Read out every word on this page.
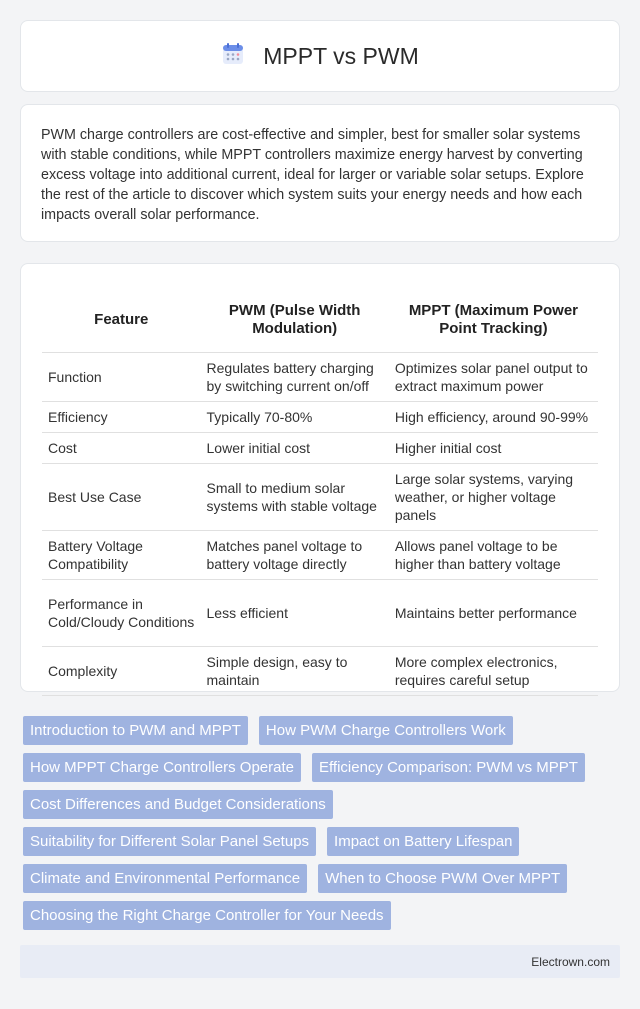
MPPT vs PWM

PWM charge controllers are cost-effective and simpler, best for smaller solar systems with stable conditions, while MPPT controllers maximize energy harvest by converting excess voltage into additional current, ideal for larger or variable solar setups. Explore the rest of the article to discover which system suits your energy needs and how each impacts overall solar performance.

Feature	PWM (Pulse Width Modulation)	MPPT (Maximum Power Point Tracking)
Function	Regulates battery charging by switching current on/off	Optimizes solar panel output to extract maximum power
Efficiency	Typically 70-80%	High efficiency, around 90-99%
Cost	Lower initial cost	Higher initial cost
Best Use Case	Small to medium solar systems with stable voltage	Large solar systems, varying weather, or higher voltage panels
Battery Voltage Compatibility	Matches panel voltage to battery voltage directly	Allows panel voltage to be higher than battery voltage
Performance in Cold/Cloudy Conditions	Less efficient	Maintains better performance
Complexity	Simple design, easy to maintain	More complex electronics, requires careful setup
Introduction to PWM and MPPT	How PWM Charge Controllers Work
How MPPT Charge Controllers Operate	Efficiency Comparison: PWM vs MPPT
Cost Differences and Budget Considerations
Suitability for Different Solar Panel Setups	Impact on Battery Lifespan
Climate and Environmental Performance	When to Choose PWM Over MPPT
Choosing the Right Charge Controller for Your Needs
Electrown.com
